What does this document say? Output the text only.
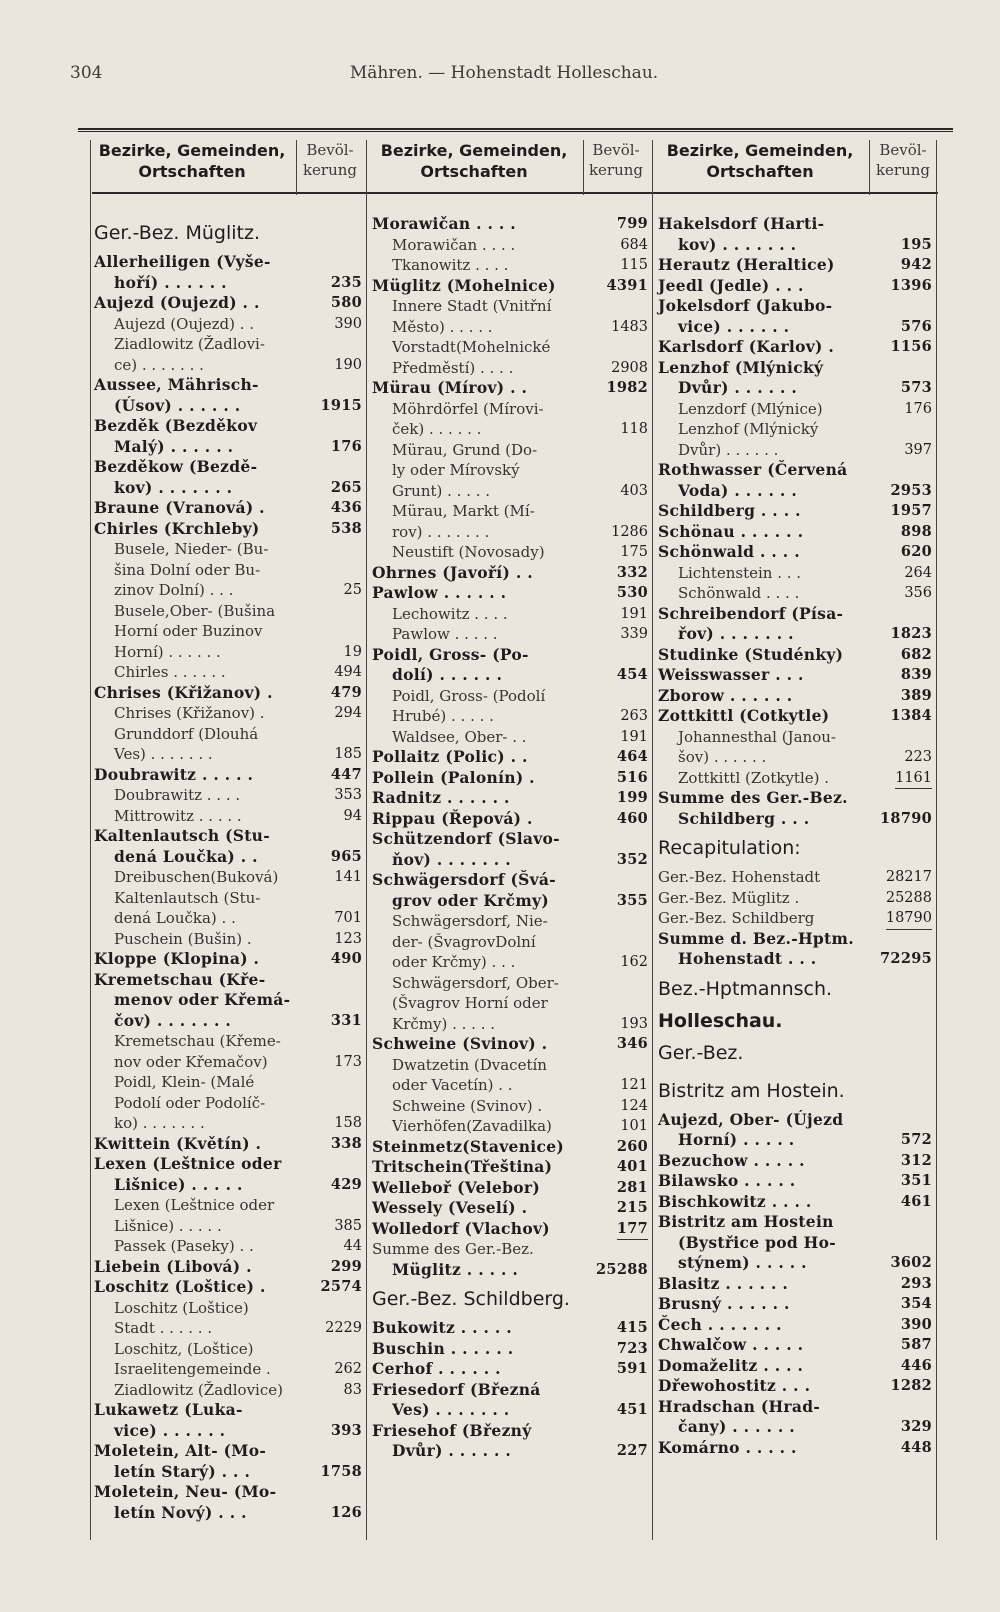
304	Mähren. — Hohenstadt Holleschau.
Bezirke, Gemeinden, Ortschaften
Bevöl- kerung
Bezirke, Gemeinden, Ortschaften
Bevöl- kerung
Bezirke, Gemeinden, Ortschaften
Bevöl- kerung
Ger.-Bez. Müglitz.
Allerheiligen (Vyše-
hoří) . . . . . .	235
Aujezd (Oujezd) . .	580
Aujezd (Oujezd) . .	390
Ziadlowitz (Žadlovi-
ce) . . . . . . .	190
Aussee, Mährisch-
(Úsov) . . . . . .	1915
Bezděk (Bezděkov
Malý) . . . . . .	176
Bezděkow (Bezdě-
kov) . . . . . . .	265
Braune (Vranová) .	436
Chirles (Krchleby)	538
Busele, Nieder- (Bu-
šina Dolní oder Bu-
zinov Dolní) . . .	25
Busele,Ober- (Bušina
Horní oder Buzinov
Horní) . . . . . .	19
Chirles . . . . . .	494
Chrises (Křižanov) .	479
Chrises (Křižanov) .	294
Grunddorf (Dlouhá
Ves) . . . . . . .	185
Doubrawitz . . . . .	447
Doubrawitz . . . .	353
Mittrowitz . . . . .	94
Kaltenlautsch (Stu-
dená Loučka) . .	965
Dreibuschen(Buková)	141
Kaltenlautsch (Stu-
dená Loučka) . .	701
Puschein (Bušin) .	123
Kloppe (Klopina) .	490
Kremetschau (Kře-
menov oder Křemá-
čov) . . . . . . .	331
Kremetschau (Křeme-
nov oder Křemačov)	173
Poidl, Klein- (Malé
Podolí oder Podolíč-
ko) . . . . . . .	158
Kwittein (Květín) .	338
Lexen (Leštnice oder
Lišnice) . . . . .	429
Lexen (Leštnice oder
Lišnice) . . . . .	385
Passek (Paseky) . .	44
Liebein (Libová) .	299
Loschitz (Loštice) .	2574
Loschitz (Loštice)
Stadt . . . . . .	2229
Loschitz, (Loštice)
Israelitengemeinde .	262
Ziadlowitz (Žadlovice)	83
Lukawetz (Luka-
vice) . . . . . .	393
Moletein, Alt- (Mo-
letín Starý) . . .	1758
Moletein, Neu- (Mo-
letín Nový) . . .	126
Morawičan . . . .	799
Morawičan . . . .	684
Tkanowitz . . . .	115
Müglitz (Mohelnice)	4391
Innere Stadt (Vnitřní
Město) . . . . .	1483
Vorstadt(Mohelnické
Předměstí) . . . .	2908
Mürau (Mírov) . .	1982
Möhrdörfel (Mírovi-
ček) . . . . . .	118
Mürau, Grund (Do-
ly oder Mírovský
Grunt) . . . . .	403
Mürau, Markt (Mí-
rov) . . . . . . .	1286
Neustift (Novosady)	175
Ohrnes (Javoří) . .	332
Pawlow . . . . . .	530
Lechowitz . . . .	191
Pawlow . . . . .	339
Poidl, Gross- (Po-
dolí) . . . . . .	454
Poidl, Gross- (Podolí
Hrubé) . . . . .	263
Waldsee, Ober- . .	191
Pollaitz (Polic) . .	464
Pollein (Palonín) .	516
Radnitz . . . . . .	199
Rippau (Řepová) .	460
Schützendorf (Slavo-
ňov) . . . . . . .	352
Schwägersdorf (Švá-
grov oder Krčmy)	355
Schwägersdorf, Nie-
der- (ŠvagrovDolní
oder Krčmy) . . .	162
Schwägersdorf, Ober-
(Švagrov Horní oder
Krčmy) . . . . .	193
Schweine (Svinov) .	346
Dwatzetin (Dvacetín
oder Vacetín) . .	121
Schweine (Svinov) .	124
Vierhöfen(Zavadilka)	101
Steinmetz(Stavenice)	260
Tritschein(Třeština)	401
Welleboř (Velebor)	281
Wessely (Veselí) .	215
Wolledorf (Vlachov)	177
Summe des Ger.-Bez.
Müglitz . . . . .	25288
Ger.-Bez. Schildberg.
Bukowitz . . . . .	415
Buschin . . . . . .	723
Cerhof . . . . . .	591
Friesedorf (Březná
Ves) . . . . . . .	451
Friesehof (Březný
Dvůr) . . . . . .	227
Hakelsdorf (Harti-
kov) . . . . . . .	195
Herautz (Heraltice)	942
Jeedl (Jedle) . . .	1396
Jokelsdorf (Jakubo-
vice) . . . . . .	576
Karlsdorf (Karlov) .	1156
Lenzhof (Mlýnický
Dvůr) . . . . . .	573
Lenzdorf (Mlýnice)	176
Lenzhof (Mlýnický
Dvůr) . . . . . .	397
Rothwasser (Červená
Voda) . . . . . .	2953
Schildberg . . . .	1957
Schönau . . . . . .	898
Schönwald . . . .	620
Lichtenstein . . .	264
Schönwald . . . .	356
Schreibendorf (Písa-
řov) . . . . . . .	1823
Studinke (Studénky)	682
Weisswasser . . .	839
Zborow . . . . . .	389
Zottkittl (Cotkytle)	1384
Johannesthal (Janou-
šov) . . . . . .	223
Zottkittl (Zotkytle) .	1161
Summe des Ger.-Bez.
Schildberg . . .	18790
Recapitulation:
Ger.-Bez. Hohenstadt	28217
Ger.-Bez. Müglitz .	25288
Ger.-Bez. Schildberg	18790
Summe d. Bez.-Hptm.
Hohenstadt . . .	72295
Bez.-Hptmannsch.
Holleschau.
Ger.-Bez.
Bistritz am Hostein.
Aujezd, Ober- (Újezd
Horní) . . . . .	572
Bezuchow . . . . .	312
Bilawsko . . . . .	351
Bischkowitz . . . .	461
Bistritz am Hostein
(Bystřice pod Ho-
stýnem) . . . . .	3602
Blasitz . . . . . .	293
Brusný . . . . . .	354
Čech . . . . . . .	390
Chwalčow . . . . .	587
Domaželitz . . . .	446
Dřewohostitz . . .	1282
Hradschan (Hrad-
čany) . . . . . .	329
Komárno . . . . .	448
